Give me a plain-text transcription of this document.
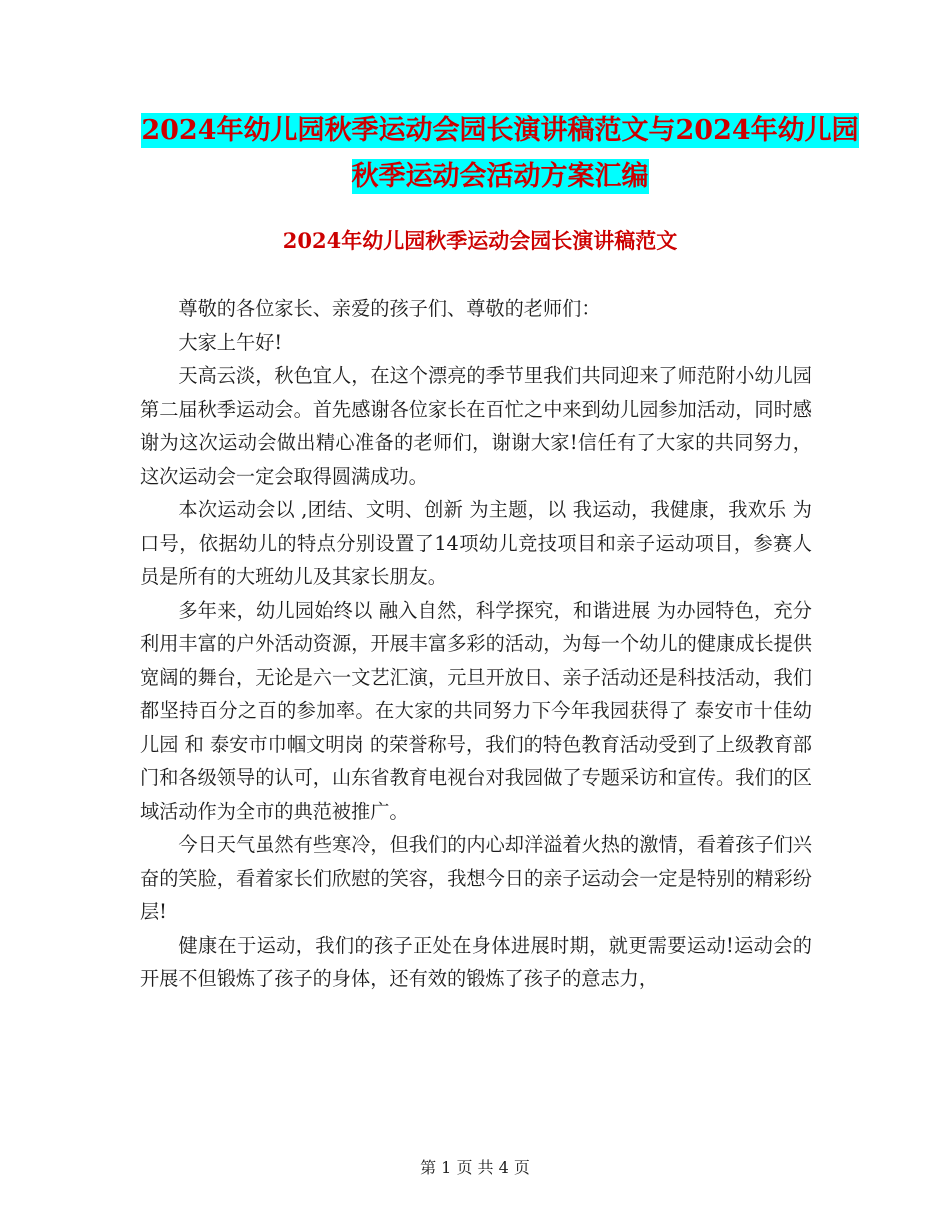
2024年幼儿园秋季运动会园长演讲稿范文与2024年幼儿园秋季运动会活动方案汇编
2024年幼儿园秋季运动会园长演讲稿范文

尊敬的各位家长、亲爱的孩子们、尊敬的老师们：

大家上午好!

天高云淡，秋色宜人，在这个漂亮的季节里我们共同迎来了师范附小幼儿园第二届秋季运动会。首先感谢各位家长在百忙之中来到幼儿园参加活动，同时感谢为这次运动会做出精心准备的老师们，谢谢大家!信任有了大家的共同努力，这次运动会一定会取得圆满成功。

本次运动会以 ,团结、文明、创新 为主题，以 我运动，我健康，我欢乐 为口号，依据幼儿的特点分别设置了14项幼儿竞技项目和亲子运动项目，参赛人员是所有的大班幼儿及其家长朋友。

多年来，幼儿园始终以 融入自然，科学探究，和谐进展 为办园特色，充分利用丰富的户外活动资源，开展丰富多彩的活动，为每一个幼儿的健康成长提供宽阔的舞台，无论是六一文艺汇演，元旦开放日、亲子活动还是科技活动，我们都坚持百分之百的参加率。在大家的共同努力下今年我园获得了 泰安市十佳幼儿园 和 泰安市巾帼文明岗 的荣誉称号，我们的特色教育活动受到了上级教育部门和各级领导的认可，山东省教育电视台对我园做了专题采访和宣传。我们的区域活动作为全市的典范被推广。

今日天气虽然有些寒冷，但我们的内心却洋溢着火热的激情，看着孩子们兴奋的笑脸，看着家长们欣慰的笑容，我想今日的亲子运动会一定是特别的精彩纷层!

健康在于运动，我们的孩子正处在身体进展时期，就更需要运动!运动会的开展不但锻炼了孩子的身体，还有效的锻炼了孩子的意志力，

第 1 页 共 4 页
